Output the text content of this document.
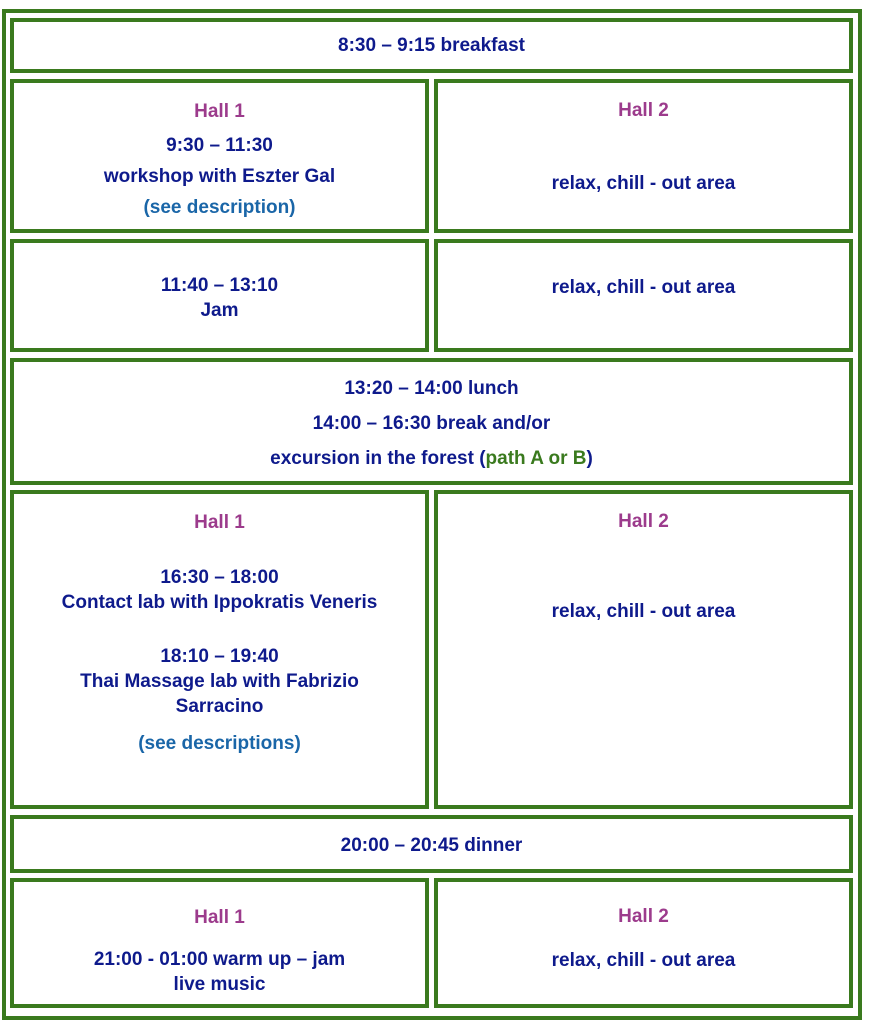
8:30 – 9:15 breakfast
Hall 1
9:30 – 11:30
workshop with Eszter Gal
(see description)
Hall 2
relax, chill - out area
11:40 – 13:10
Jam
relax, chill - out area
13:20 – 14:00 lunch
14:00 – 16:30 break and/or
excursion in the forest (path A or B)
Hall 1
16:30 – 18:00
Contact lab with Ippokratis Veneris
18:10 – 19:40
Thai Massage lab with Fabrizio
Sarracino
(see descriptions)
Hall 2
relax, chill - out area
20:00 – 20:45 dinner
Hall 1
21:00 - 01:00 warm up – jam
live music
Hall 2
relax, chill - out area
